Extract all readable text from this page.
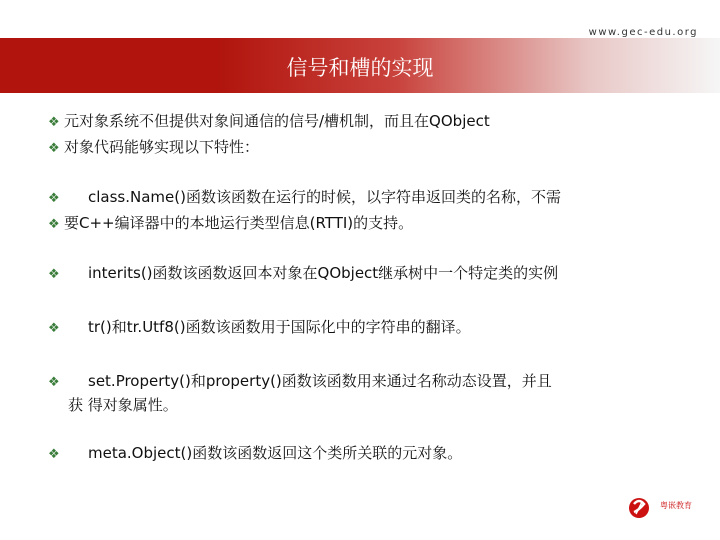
www.gec-edu.org
信号和槽的实现
❖ 元对象系统不但提供对象间通信的信号/槽机制，而且在QObject
❖ 对象代码能够实现以下特性：
❖ class.Name()函数该函数在运行的时候，以字符串返回类的名称，不需
❖ 要C++编译器中的本地运行类型信息(RTTI)的支持。
❖ interits()函数该函数返回本对象在QObject继承树中一个特定类的实例
❖ tr()和tr.Utf8()函数该函数用于国际化中的字符串的翻译。
❖ set.Property()和property()函数该函数用来通过名称动态设置，并且
获 得对象属性。
❖ meta.Object()函数该函数返回这个类所关联的元对象。
粤嵌教育
